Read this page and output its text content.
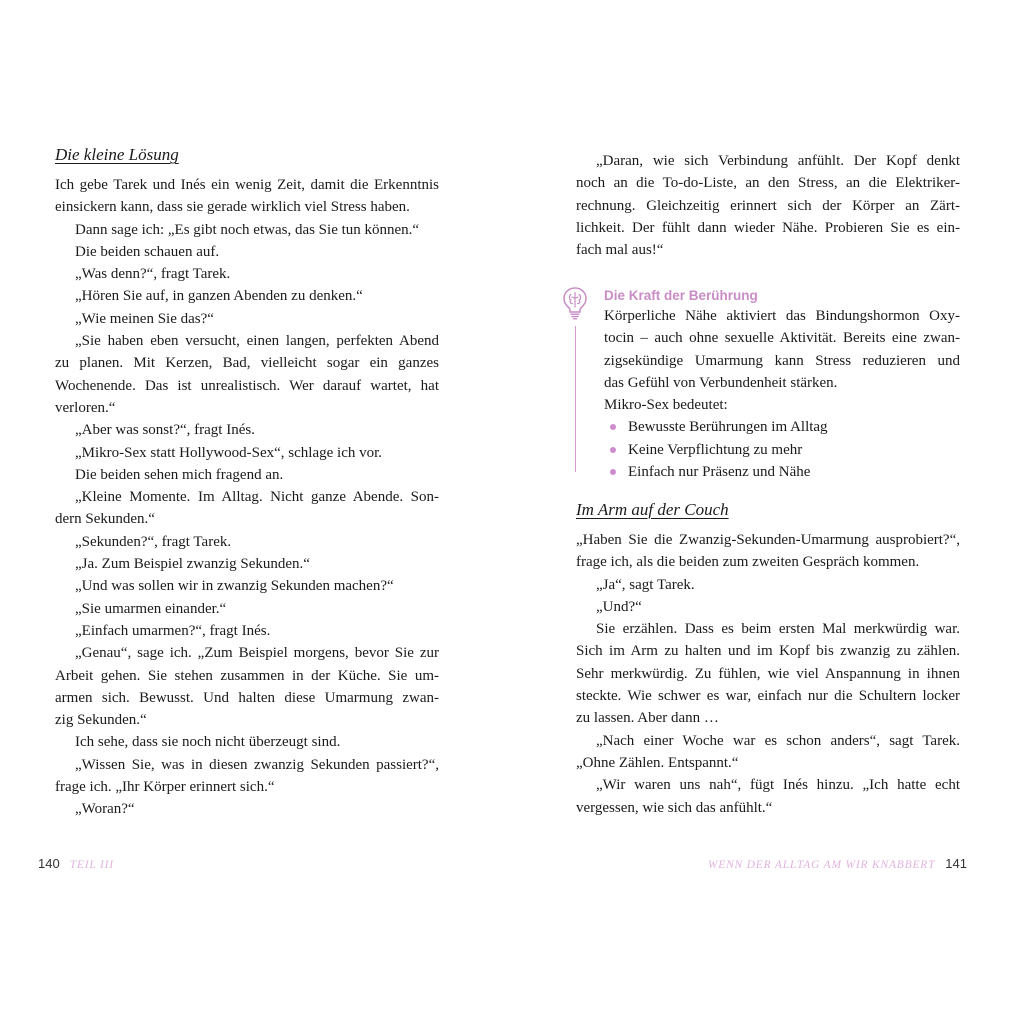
Die kleine Lösung
Ich gebe Tarek und Inés ein wenig Zeit, damit die Erkenntnis
einsickern kann, dass sie gerade wirklich viel Stress haben.
Dann sage ich: „Es gibt noch etwas, das Sie tun können.“
Die beiden schauen auf.
„Was denn?“, fragt Tarek.
„Hören Sie auf, in ganzen Abenden zu denken.“
„Wie meinen Sie das?“
„Sie haben eben versucht, einen langen, perfekten Abend
zu planen. Mit Kerzen, Bad, vielleicht sogar ein ganzes
Wochenende. Das ist unrealistisch. Wer darauf wartet, hat
verloren.“
„Aber was sonst?“, fragt Inés.
„Mikro-Sex statt Hollywood-Sex“, schlage ich vor.
Die beiden sehen mich fragend an.
„Kleine Momente. Im Alltag. Nicht ganze Abende. Son-
dern Sekunden.“
„Sekunden?“, fragt Tarek.
„Ja. Zum Beispiel zwanzig Sekunden.“
„Und was sollen wir in zwanzig Sekunden machen?“
„Sie umarmen einander.“
„Einfach umarmen?“, fragt Inés.
„Genau“, sage ich. „Zum Beispiel morgens, bevor Sie zur
Arbeit gehen. Sie stehen zusammen in der Küche. Sie um-
armen sich. Bewusst. Und halten diese Umarmung zwan-
zig Sekunden.“
Ich sehe, dass sie noch nicht überzeugt sind.
„Wissen Sie, was in diesen zwanzig Sekunden passiert?“,
frage ich. „Ihr Körper erinnert sich.“
„Woran?“
„Daran, wie sich Verbindung anfühlt. Der Kopf denkt
noch an die To-do-Liste, an den Stress, an die Elektriker-
rechnung. Gleichzeitig erinnert sich der Körper an Zärt-
lichkeit. Der fühlt dann wieder Nähe. Probieren Sie es ein-
fach mal aus!“
Die Kraft der Berührung
Körperliche Nähe aktiviert das Bindungshormon Oxy-
tocin – auch ohne sexuelle Aktivität. Bereits eine zwan-
zigsekündige Umarmung kann Stress reduzieren und
das Gefühl von Verbundenheit stärken.
Mikro-Sex bedeutet:
Bewusste Berührungen im Alltag
Keine Verpflichtung zu mehr
Einfach nur Präsenz und Nähe
Im Arm auf der Couch
„Haben Sie die Zwanzig-Sekunden-Umarmung ausprobiert?“,
frage ich, als die beiden zum zweiten Gespräch kommen.
„Ja“, sagt Tarek.
„Und?“
Sie erzählen. Dass es beim ersten Mal merkwürdig war.
Sich im Arm zu halten und im Kopf bis zwanzig zu zählen.
Sehr merkwürdig. Zu fühlen, wie viel Anspannung in ihnen
steckte. Wie schwer es war, einfach nur die Schultern locker
zu lassen. Aber dann …
„Nach einer Woche war es schon anders“, sagt Tarek.
„Ohne Zählen. Entspannt.“
„Wir waren uns nah“, fügt Inés hinzu. „Ich hatte echt
vergessen, wie sich das anfühlt.“
140 TEIL III	WENN DER ALLTAG AM WIR KNABBERT 141
